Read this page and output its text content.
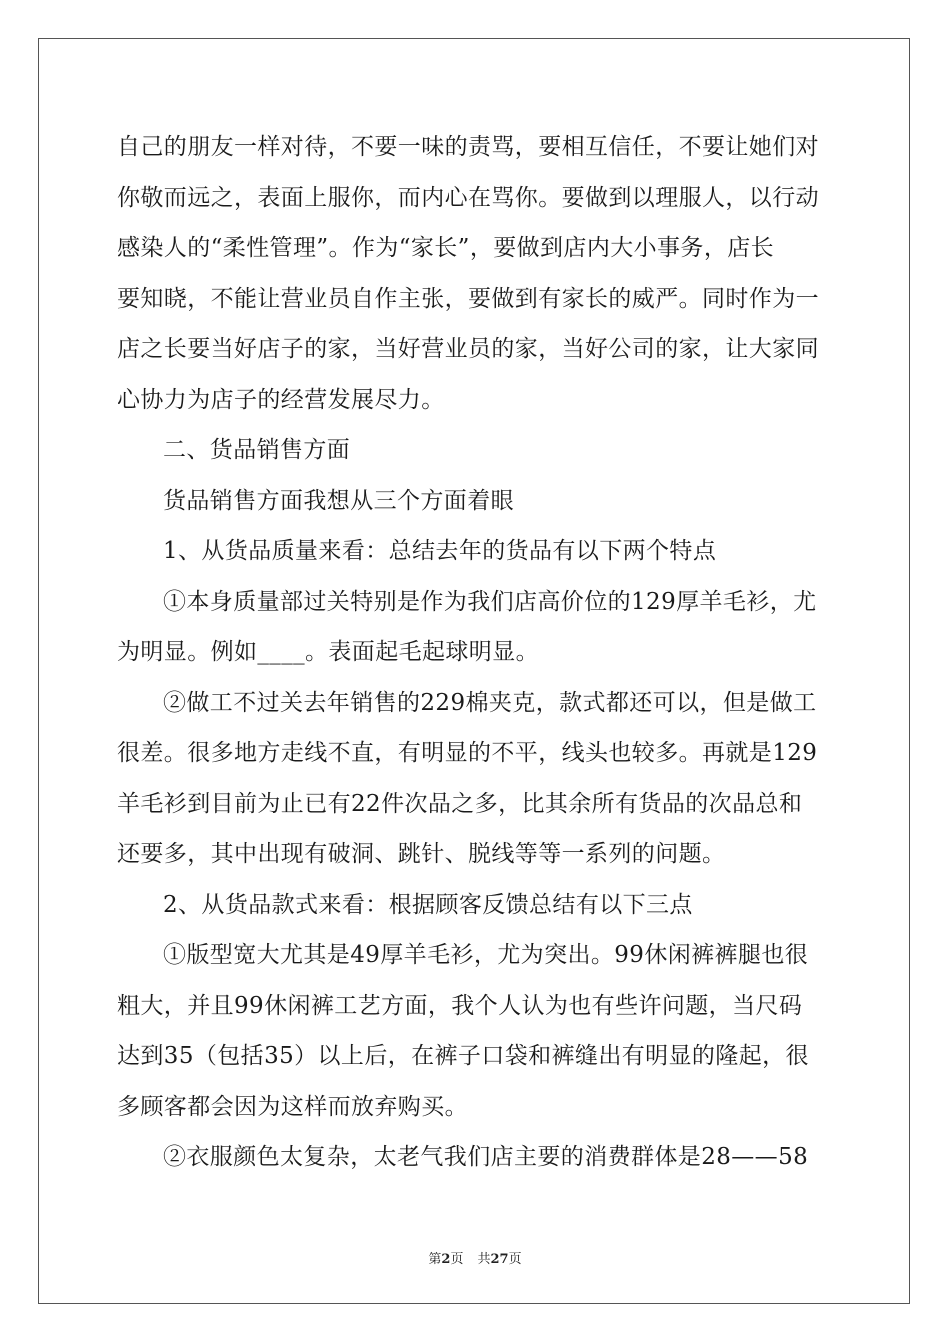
自己的朋友一样对待，不要一味的责骂，要相互信任，不要让她们对
你敬而远之，表面上服你，而内心在骂你。要做到以理服人，以行动
感染人的“柔性管理”。作为“家长”，要做到店内大小事务，店长
要知晓，不能让营业员自作主张，要做到有家长的威严。同时作为一
店之长要当好店子的家，当好营业员的家，当好公司的家，让大家同
心协力为店子的经营发展尽力。
二、货品销售方面
货品销售方面我想从三个方面着眼
1、从货品质量来看：总结去年的货品有以下两个特点
①本身质量部过关特别是作为我们店高价位的129厚羊毛衫，尤
为明显。例如____。表面起毛起球明显。
②做工不过关去年销售的229棉夹克，款式都还可以，但是做工
很差。很多地方走线不直，有明显的不平，线头也较多。再就是129
羊毛衫到目前为止已有22件次品之多，比其余所有货品的次品总和
还要多，其中出现有破洞、跳针、脱线等等一系列的问题。
2、从货品款式来看：根据顾客反馈总结有以下三点
①版型宽大尤其是49厚羊毛衫，尤为突出。99休闲裤裤腿也很
粗大，并且99休闲裤工艺方面，我个人认为也有些许问题，当尺码
达到35（包括35）以上后，在裤子口袋和裤缝出有明显的隆起，很
多顾客都会因为这样而放弃购买。
②衣服颜色太复杂，太老气我们店主要的消费群体是28——58
第2页 共27页
